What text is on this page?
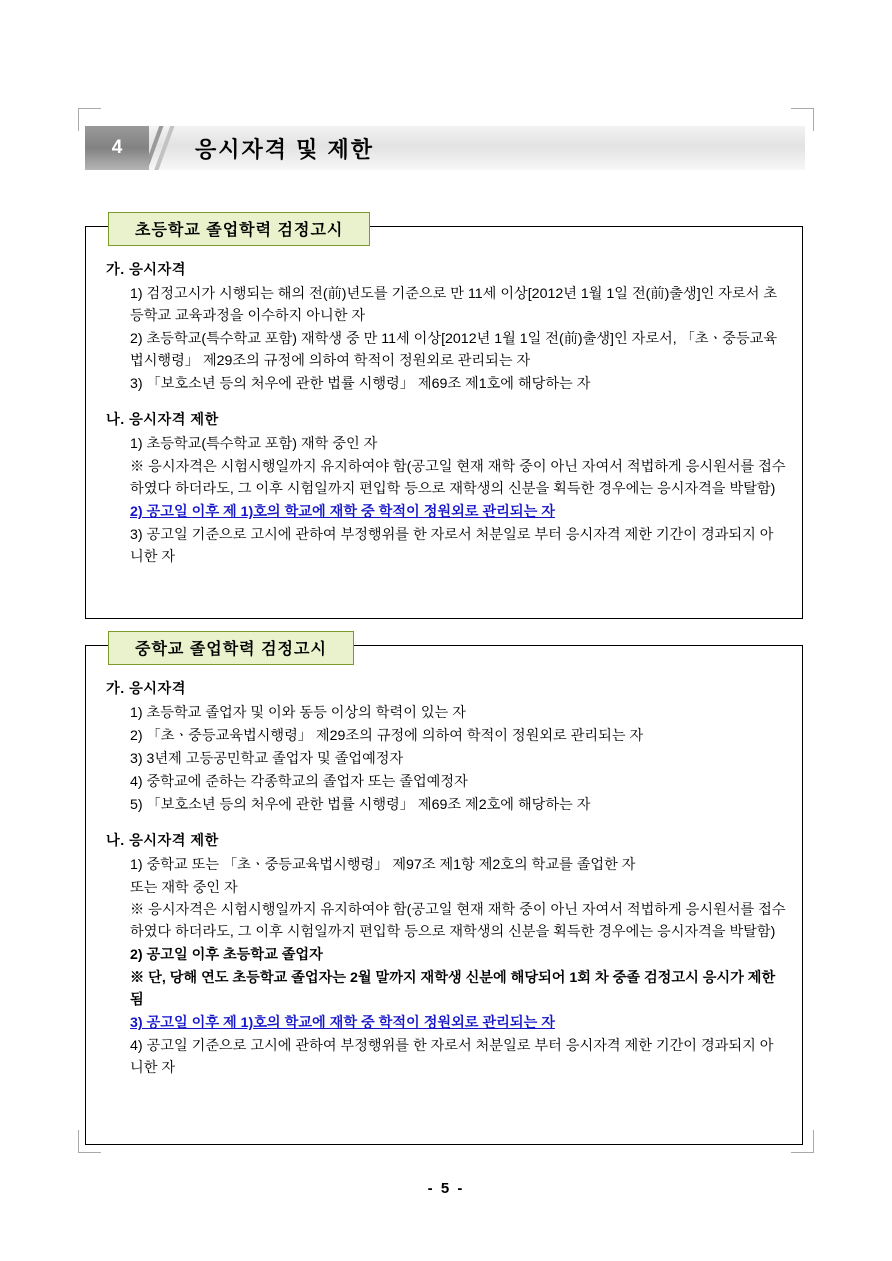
4	응시자격 및 제한
초등학교 졸업학력 검정고시
가. 응시자격
1) 검정고시가 시행되는 해의 전(前)년도를 기준으로 만 11세 이상[2012년 1월 1일 전(前)출생]인 자로서 초등학교 교육과정을 이수하지 아니한 자
2) 초등학교(특수학교 포함) 재학생 중 만 11세 이상[2012년 1월 1일 전(前)출생]인 자로서, 「초ㆍ중등교육법시행령」 제29조의 규정에 의하여 학적이 정원외로 관리되는 자
3) 「보호소년 등의 처우에 관한 법률 시행령」 제69조 제1호에 해당하는 자
나. 응시자격 제한
1) 초등학교(특수학교 포함) 재학 중인 자
※ 응시자격은 시험시행일까지 유지하여야 함(공고일 현재 재학 중이 아닌 자여서 적법하게 응시원서를 접수하였다 하더라도, 그 이후 시험일까지 편입학 등으로 재학생의 신분을 획득한 경우에는 응시자격을 박탈함)
2) 공고일 이후 제 1)호의 학교에 재학 중 학적이 정원외로 관리되는 자
3) 공고일 기준으로 고시에 관하여 부정행위를 한 자로서 처분일로 부터 응시자격 제한 기간이 경과되지 아니한 자
중학교 졸업학력 검정고시
가. 응시자격
1) 초등학교 졸업자 및 이와 동등 이상의 학력이 있는 자
2) 「초ㆍ중등교육법시행령」 제29조의 규정에 의하여 학적이 정원외로 관리되는 자
3) 3년제 고등공민학교 졸업자 및 졸업예정자
4) 중학교에 준하는 각종학교의 졸업자 또는 졸업예정자
5) 「보호소년 등의 처우에 관한 법률 시행령」 제69조 제2호에 해당하는 자
나. 응시자격 제한
1) 중학교 또는 「초ㆍ중등교육법시행령」 제97조 제1항 제2호의 학교를 졸업한 자
또는 재학 중인 자
※ 응시자격은 시험시행일까지 유지하여야 함(공고일 현재 재학 중이 아닌 자여서 적법하게 응시원서를 접수하였다 하더라도, 그 이후 시험일까지 편입학 등으로 재학생의 신분을 획득한 경우에는 응시자격을 박탈함)
2) 공고일 이후 초등학교 졸업자
※ 단, 당해 연도 초등학교 졸업자는 2월 말까지 재학생 신분에 해당되어 1회 차 중졸 검정고시 응시가 제한됨
3) 공고일 이후 제 1)호의 학교에 재학 중 학적이 정원외로 관리되는 자
4) 공고일 기준으로 고시에 관하여 부정행위를 한 자로서 처분일로 부터 응시자격 제한 기간이 경과되지 아니한 자
- 5 -
